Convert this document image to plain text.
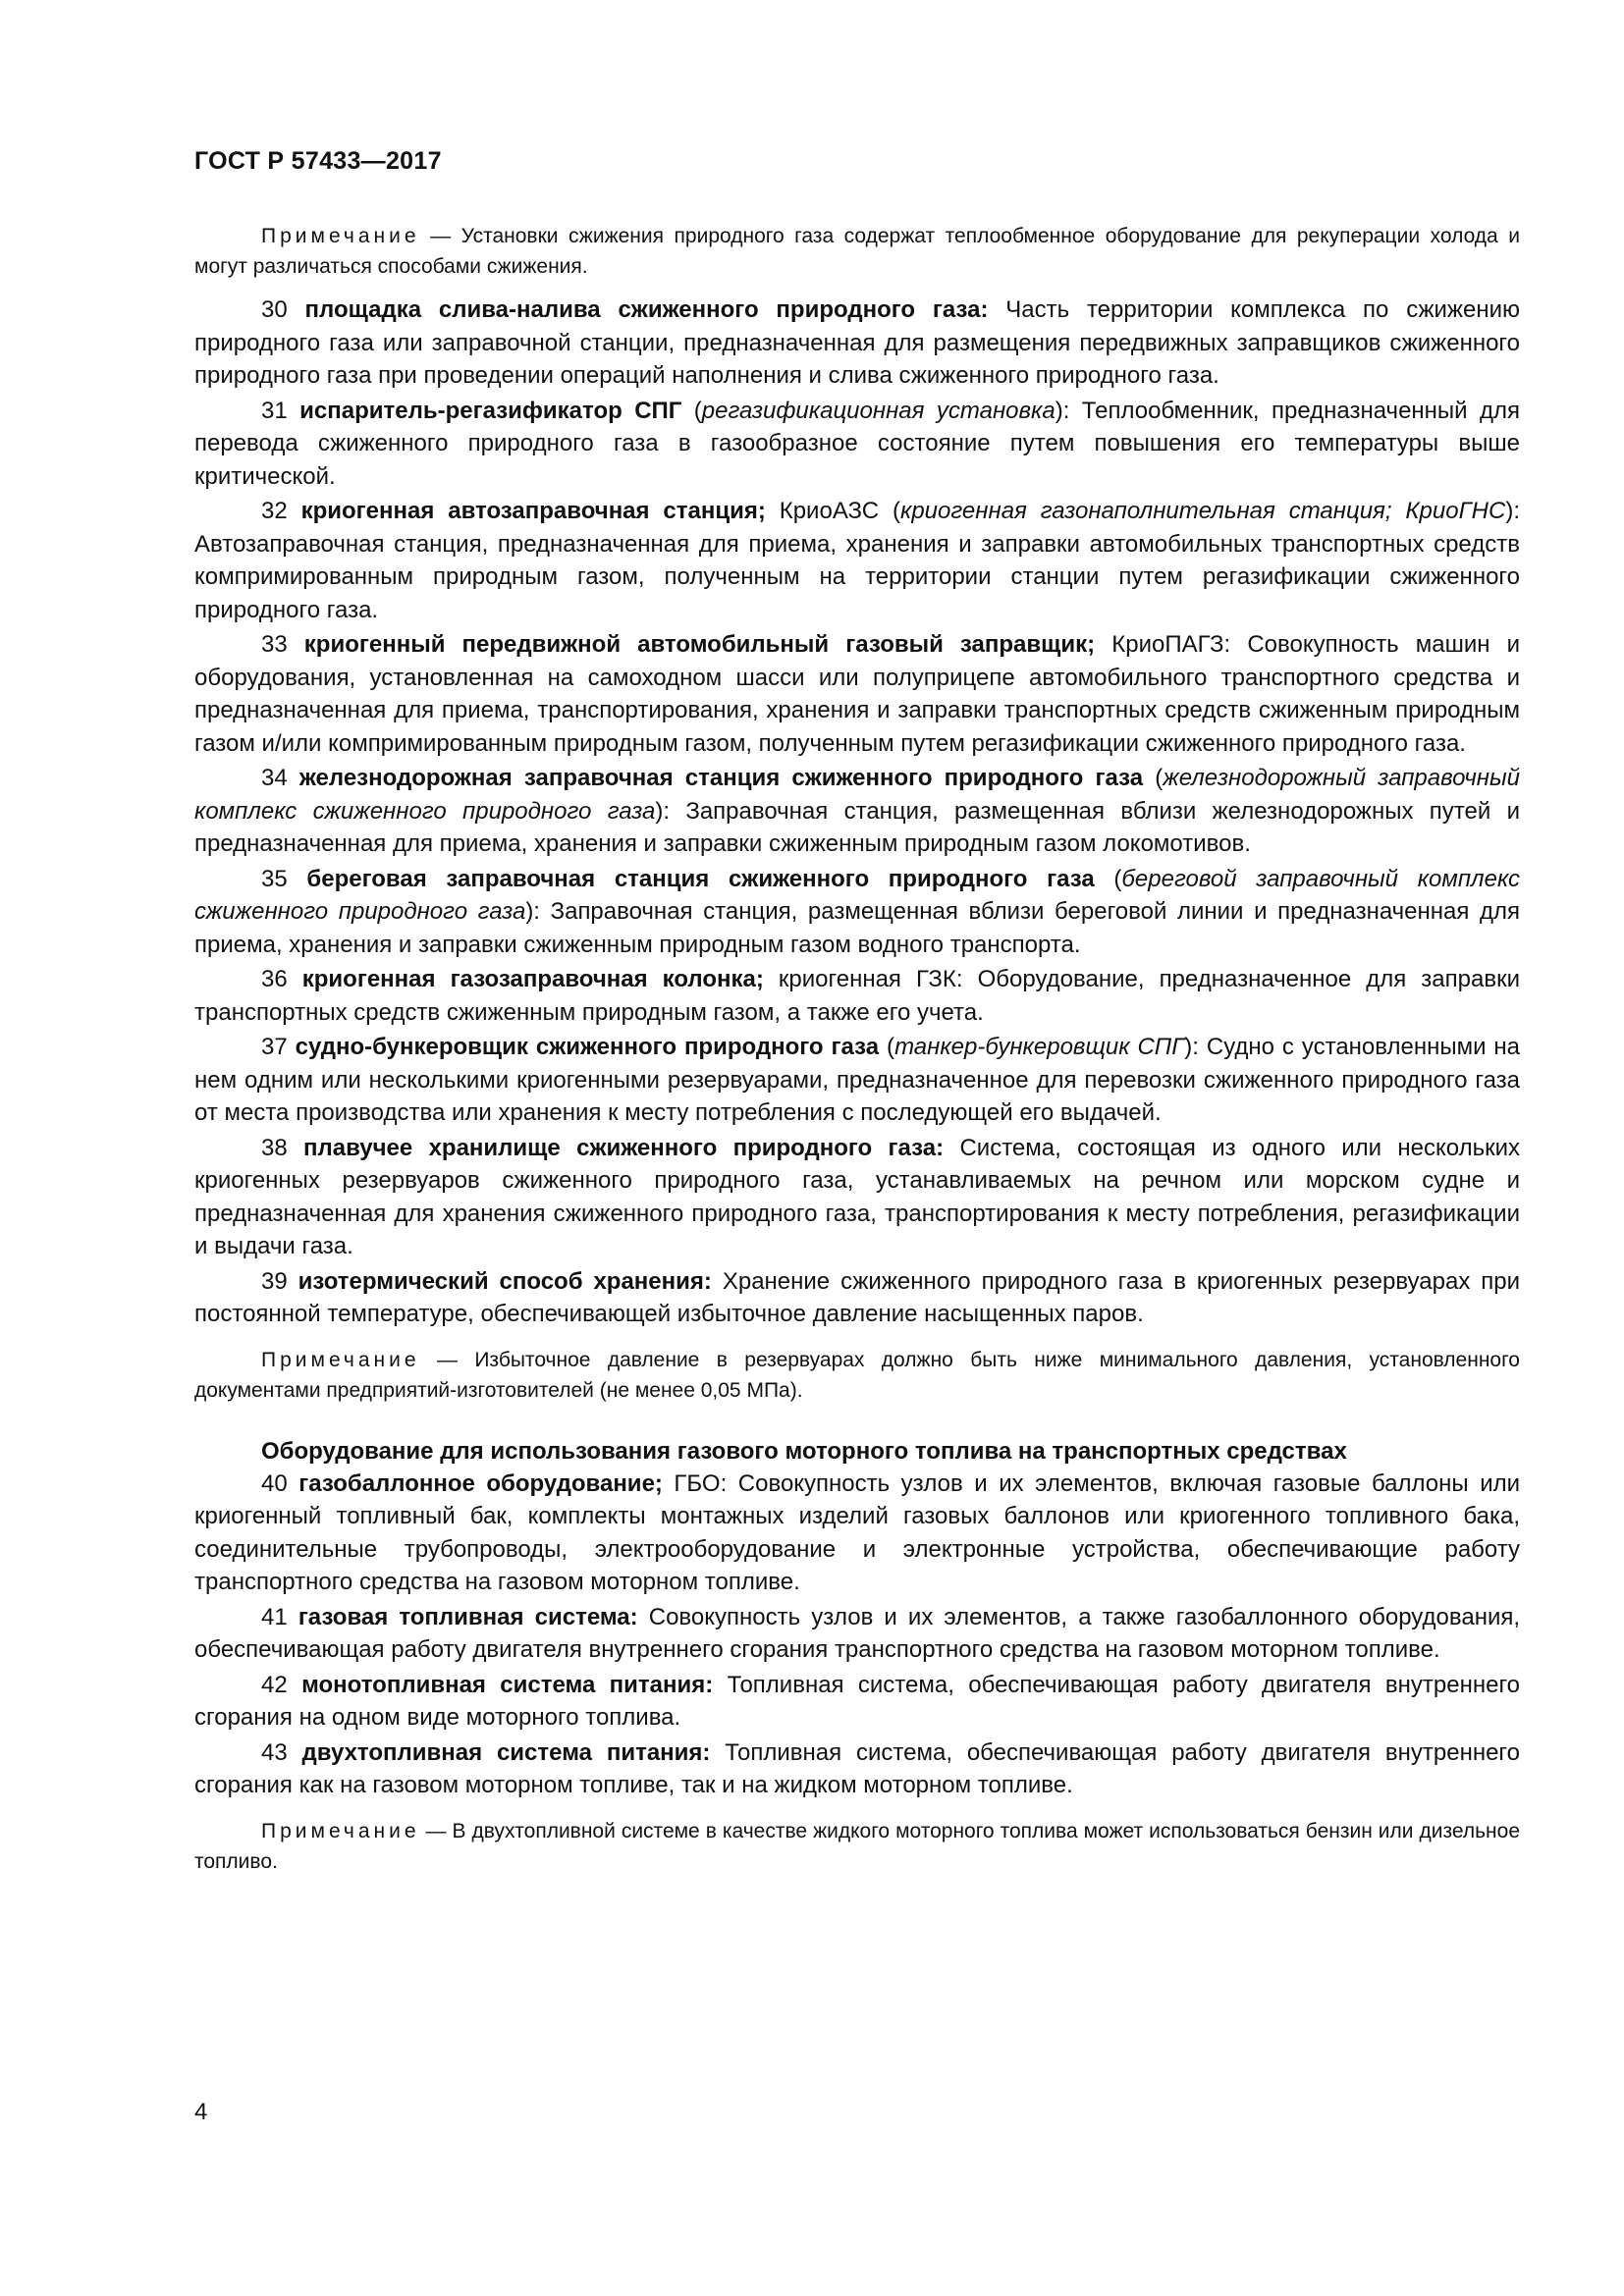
ГОСТ Р 57433—2017

Примечание — Установки сжижения природного газа содержат теплообменное оборудование для рекуперации холода и могут различаться способами сжижения.

30 площадка слива-налива сжиженного природного газа: Часть территории комплекса по сжижению природного газа или заправочной станции, предназначенная для размещения передвижных заправщиков сжиженного природного газа при проведении операций наполнения и слива сжиженного природного газа.

31 испаритель-регазификатор СПГ (регазификационная установка): Теплообменник, предназначенный для перевода сжиженного природного газа в газообразное состояние путем повышения его температуры выше критической.

32 криогенная автозаправочная станция; КриоАЗС (криогенная газонаполнительная станция; КриоГНС): Автозаправочная станция, предназначенная для приема, хранения и заправки автомобильных транспортных средств компримированным природным газом, полученным на территории станции путем регазификации сжиженного природного газа.

33 криогенный передвижной автомобильный газовый заправщик; КриоПАГЗ: Совокупность машин и оборудования, установленная на самоходном шасси или полуприцепе автомобильного транспортного средства и предназначенная для приема, транспортирования, хранения и заправки транспортных средств сжиженным природным газом и/или компримированным природным газом, полученным путем регазификации сжиженного природного газа.

34 железнодорожная заправочная станция сжиженного природного газа (железнодорожный заправочный комплекс сжиженного природного газа): Заправочная станция, размещенная вблизи железнодорожных путей и предназначенная для приема, хранения и заправки сжиженным природным газом локомотивов.

35 береговая заправочная станция сжиженного природного газа (береговой заправочный комплекс сжиженного природного газа): Заправочная станция, размещенная вблизи береговой линии и предназначенная для приема, хранения и заправки сжиженным природным газом водного транспорта.

36 криогенная газозаправочная колонка; криогенная ГЗК: Оборудование, предназначенное для заправки транспортных средств сжиженным природным газом, а также его учета.

37 судно-бункеровщик сжиженного природного газа (танкер-бункеровщик СПГ): Судно с установленными на нем одним или несколькими криогенными резервуарами, предназначенное для перевозки сжиженного природного газа от места производства или хранения к месту потребления с последующей его выдачей.

38 плавучее хранилище сжиженного природного газа: Система, состоящая из одного или нескольких криогенных резервуаров сжиженного природного газа, устанавливаемых на речном или морском судне и предназначенная для хранения сжиженного природного газа, транспортирования к месту потребления, регазификации и выдачи газа.

39 изотермический способ хранения: Хранение сжиженного природного газа в криогенных резервуарах при постоянной температуре, обеспечивающей избыточное давление насыщенных паров.

Примечание — Избыточное давление в резервуарах должно быть ниже минимального давления, установленного документами предприятий-изготовителей (не менее 0,05 МПа).

Оборудование для использования газового моторного топлива на транспортных средствах

40 газобаллонное оборудование; ГБО: Совокупность узлов и их элементов, включая газовые баллоны или криогенный топливный бак, комплекты монтажных изделий газовых баллонов или криогенного топливного бака, соединительные трубопроводы, электрооборудование и электронные устройства, обеспечивающие работу транспортного средства на газовом моторном топливе.

41 газовая топливная система: Совокупность узлов и их элементов, а также газобаллонного оборудования, обеспечивающая работу двигателя внутреннего сгорания транспортного средства на газовом моторном топливе.

42 монотопливная система питания: Топливная система, обеспечивающая работу двигателя внутреннего сгорания на одном виде моторного топлива.

43 двухтопливная система питания: Топливная система, обеспечивающая работу двигателя внутреннего сгорания как на газовом моторном топливе, так и на жидком моторном топливе.

Примечание — В двухтопливной системе в качестве жидкого моторного топлива может использоваться бензин или дизельное топливо.

4
